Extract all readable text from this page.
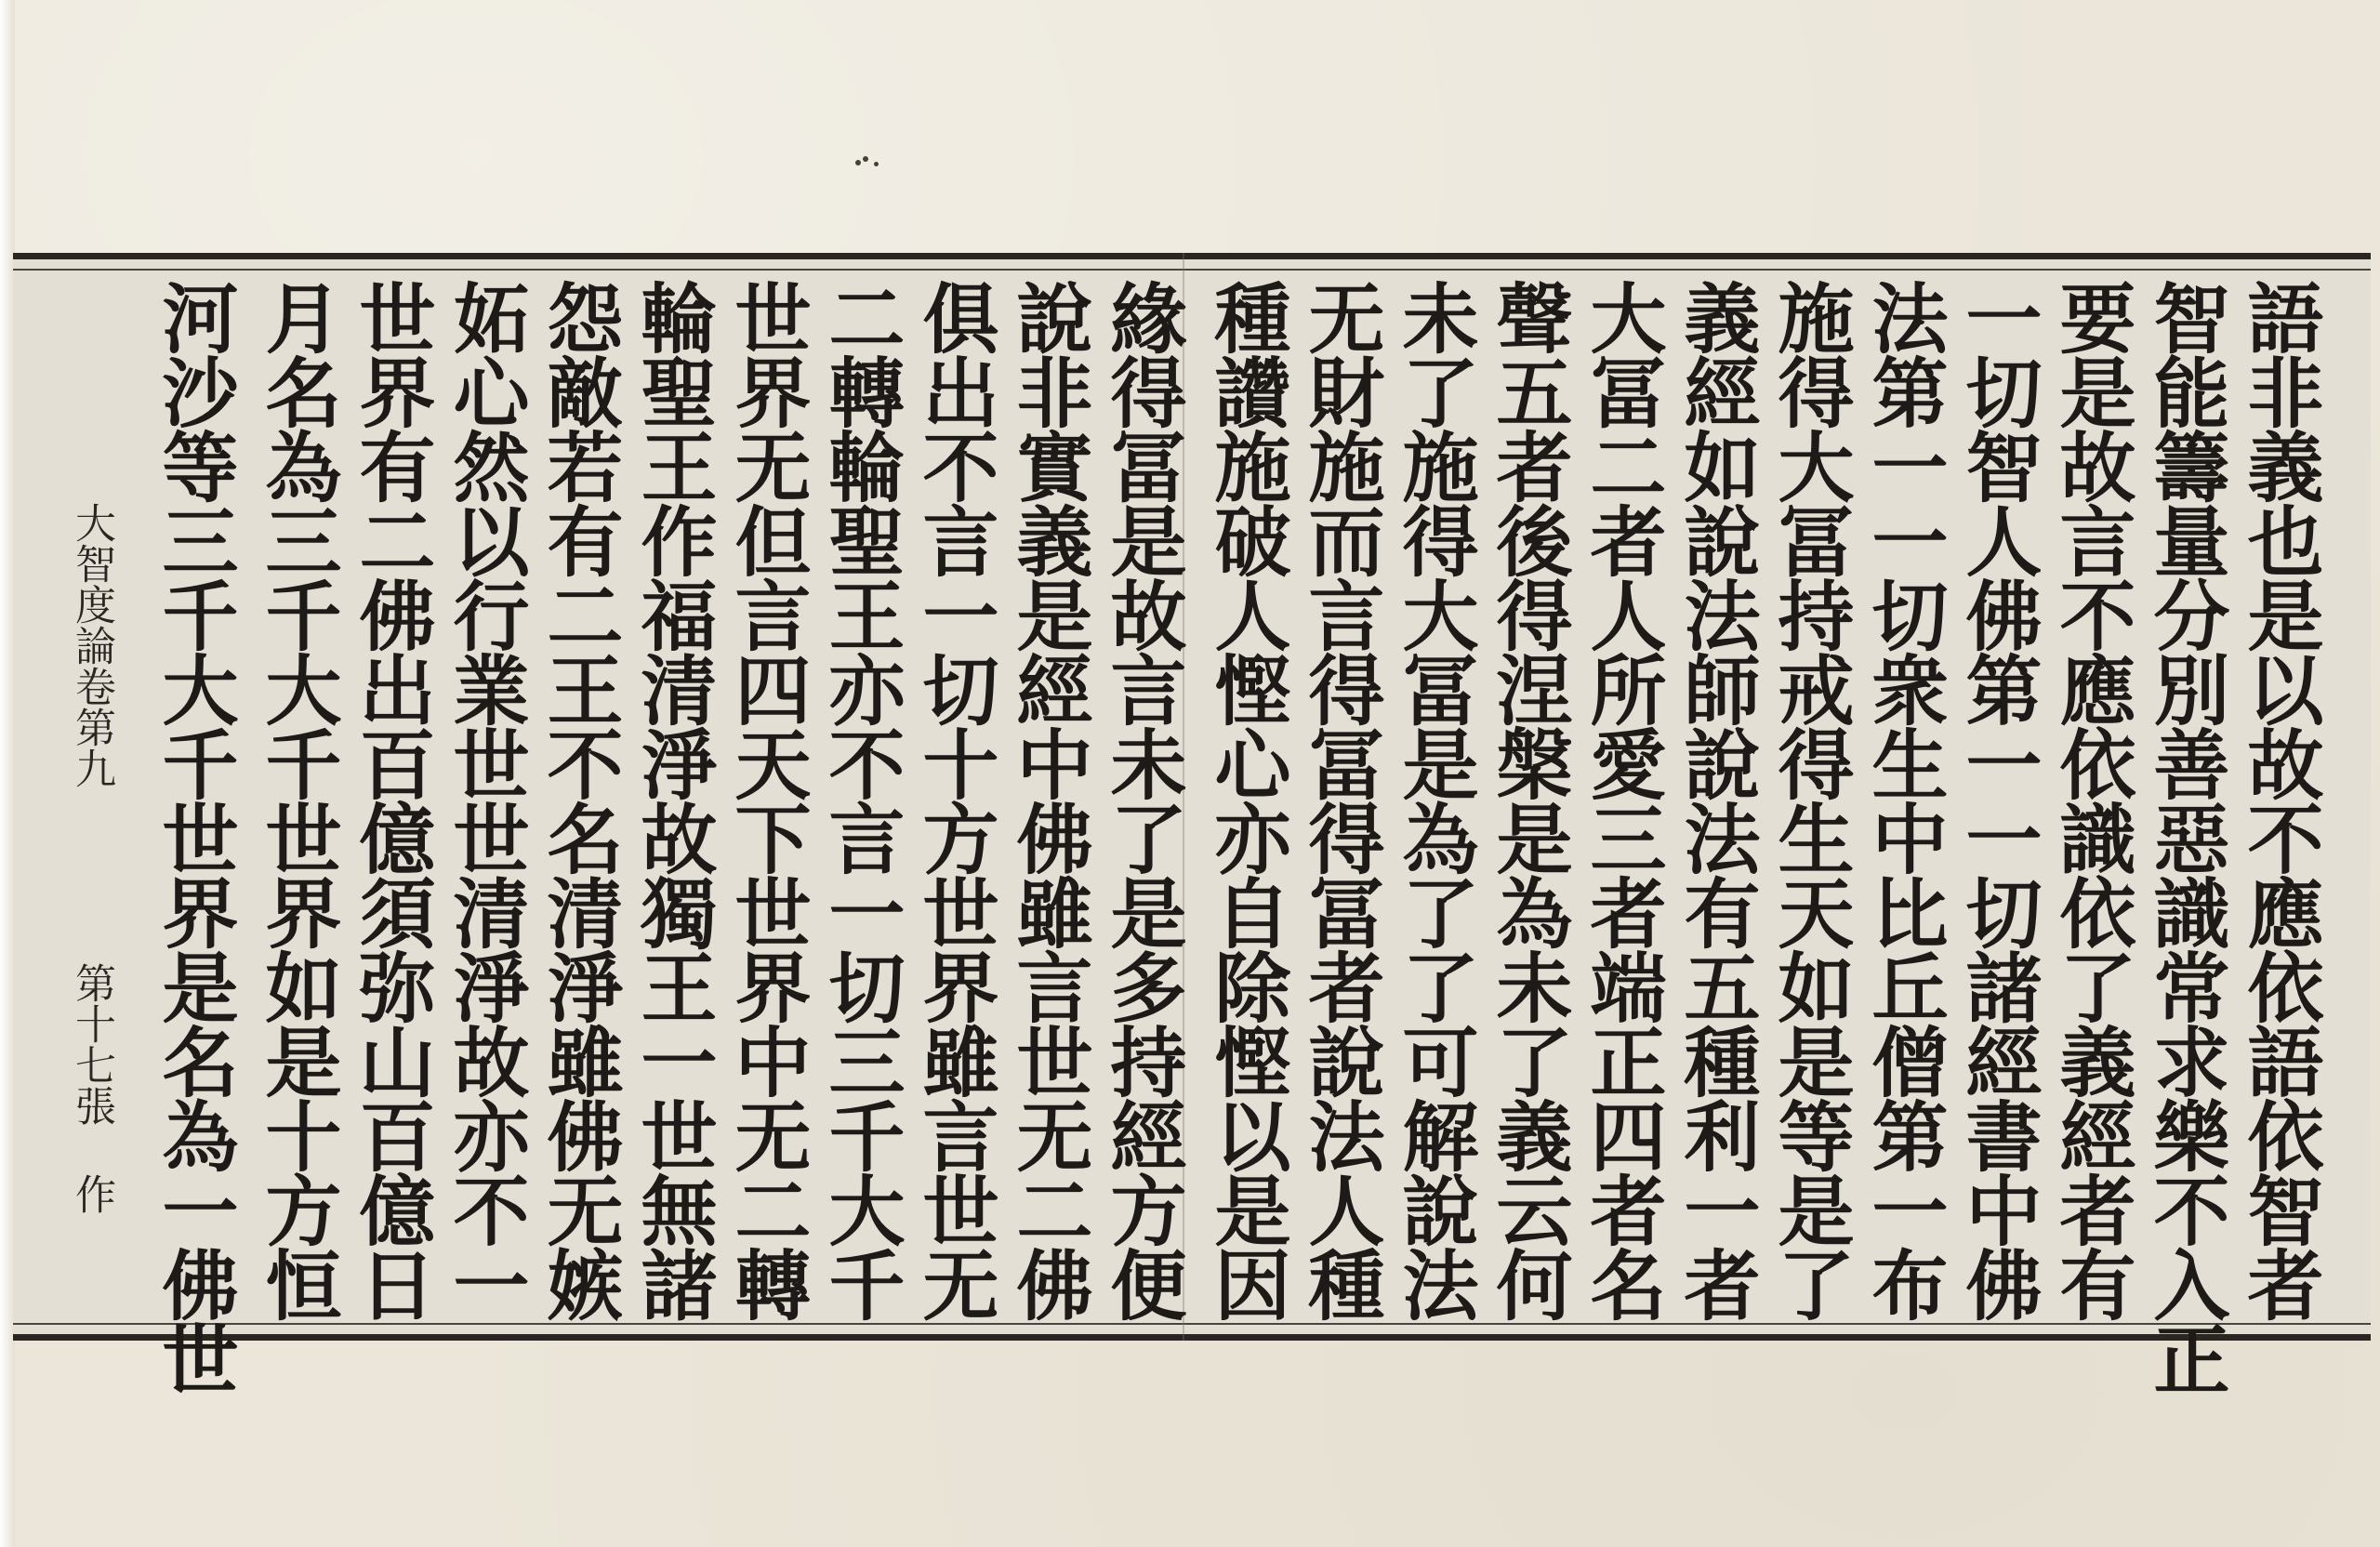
語非義也是以故不應依語依智者
智能籌量分別善惡識常求樂不入正
要是故言不應依識依了義經者有
一切智人佛第一一切諸經書中佛
法第一一切衆生中比丘僧第一布
施得大冨持戒得生天如是等是了
義經如說法師說法有五種利一者
大冨二者人所愛三者端正四者名
聲五者後得涅槃是為未了義云何
未了施得大冨是為了了可解說法
无財施而言得冨得冨者說法人種
種讚施破人慳心亦自除慳以是因
緣得冨是故言未了是多持經方便
說非實義是經中佛雖言世无二佛
俱出不言一切十方世界雖言世无
二轉輪聖王亦不言一切三千大千
世界无但言四天下世界中无二轉
輪聖王作福清淨故獨王一世無諸
怨敵若有二王不名清淨雖佛无嫉
妬心然以行業世世清淨故亦不一
世界有二佛出百億須弥山百億日
月名為三千大千世界如是十方恒
河沙等三千大千世界是名為一佛世
大智度論卷第九
第十七張 作
